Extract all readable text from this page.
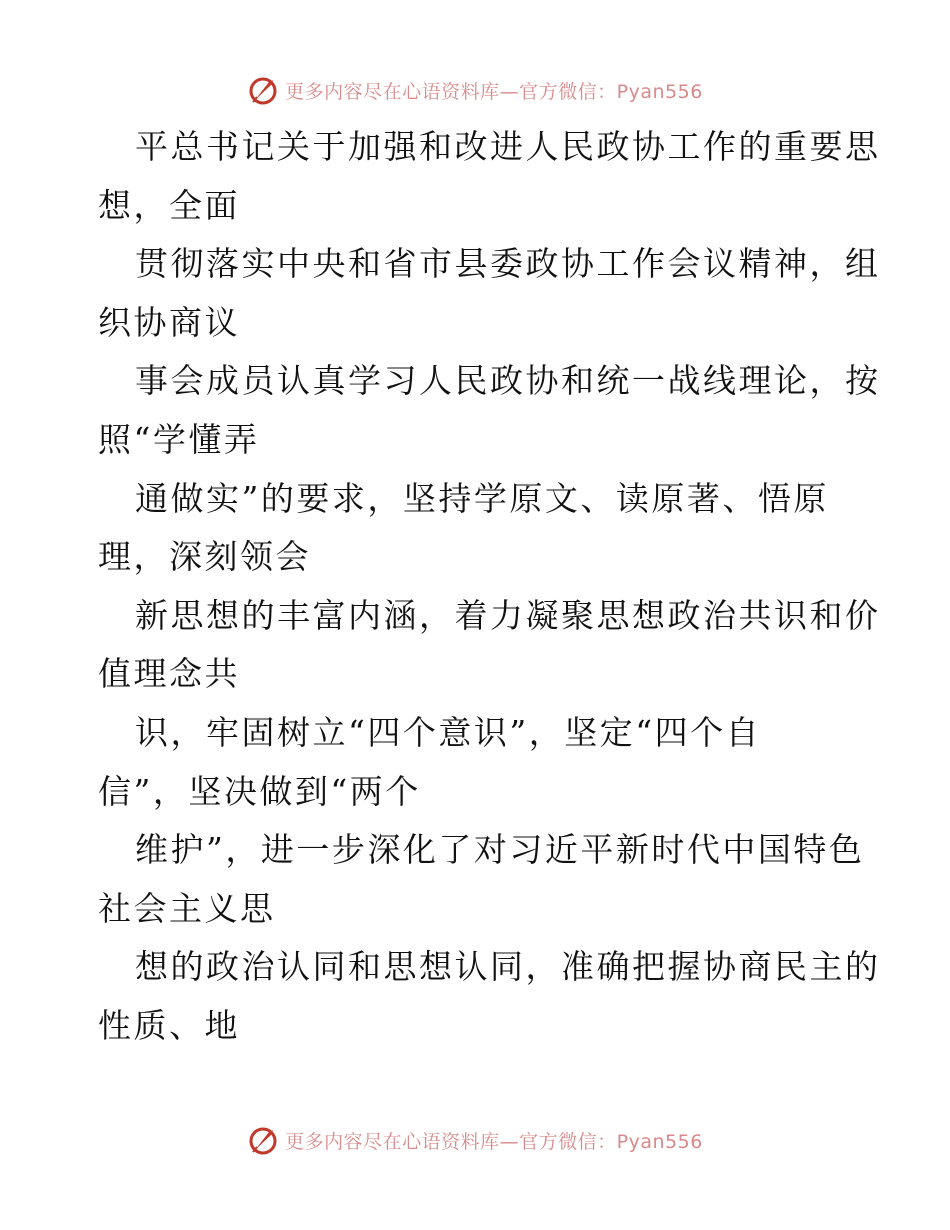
更多内容尽在心语资料库—官方微信：Pyan556
平总书记关于加强和改进人民政协工作的重要思
想，全面
贯彻落实中央和省市县委政协工作会议精神，组
织协商议
事会成员认真学习人民政协和统一战线理论，按
照“学懂弄
通做实”的要求，坚持学原文、读原著、悟原
理，深刻领会
新思想的丰富内涵，着力凝聚思想政治共识和价
值理念共
识，牢固树立“四个意识”，坚定“四个自
信”，坚决做到“两个
维护”，进一步深化了对习近平新时代中国特色
社会主义思
想的政治认同和思想认同，准确把握协商民主的
性质、地
更多内容尽在心语资料库—官方微信：Pyan556
